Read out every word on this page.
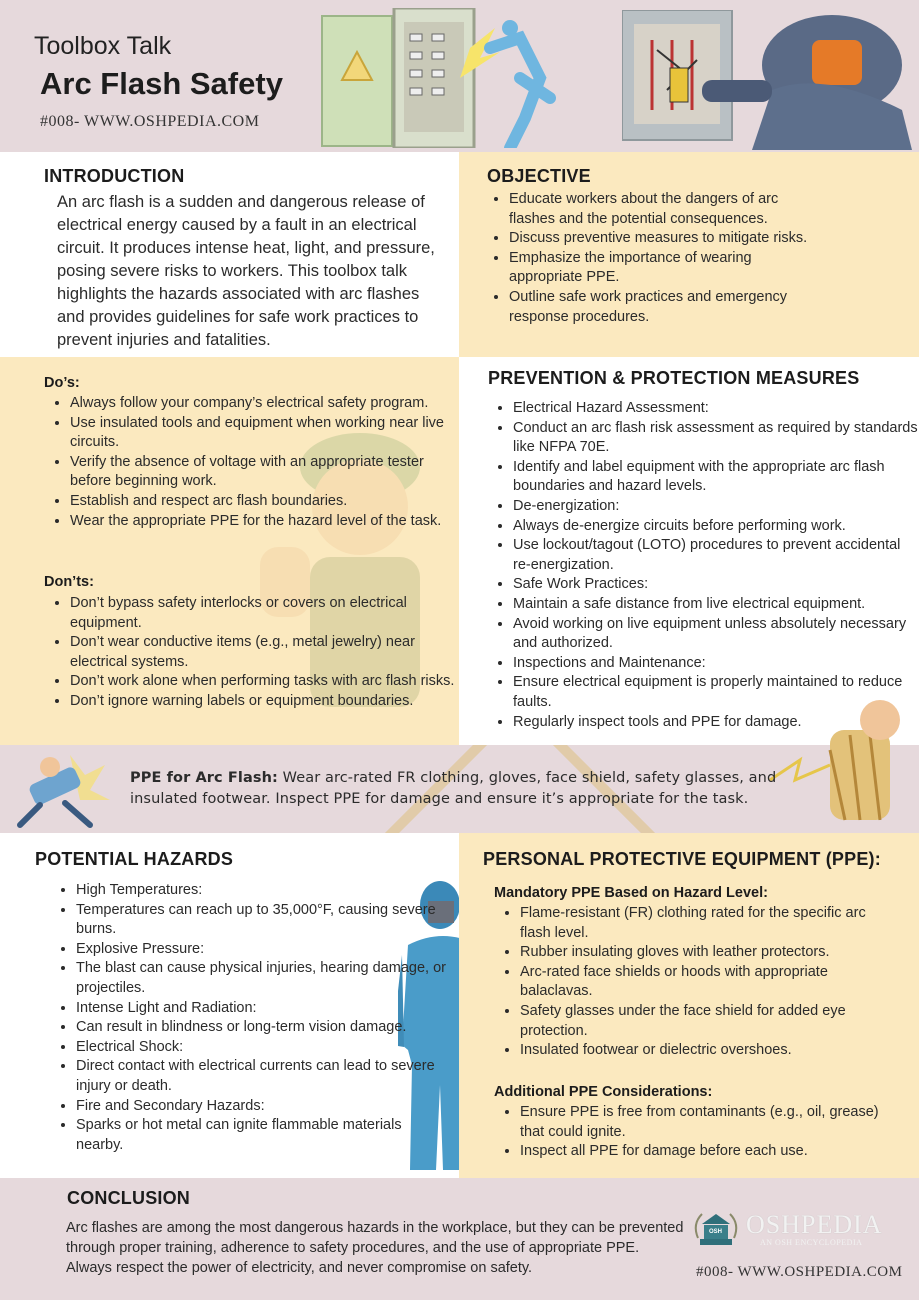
Toolbox Talk
Arc Flash Safety
#008- WWW.OSHPEDIA.COM
INTRODUCTION
An arc flash is a sudden and dangerous release of electrical energy caused by a fault in an electrical circuit. It produces intense heat, light, and pressure, posing severe risks to workers. This toolbox talk highlights the hazards associated with arc flashes and provides guidelines for safe work practices to prevent injuries and fatalities.
OBJECTIVE
• Educate workers about the dangers of arc flashes and the potential consequences.
• Discuss preventive measures to mitigate risks.
• Emphasize the importance of wearing appropriate PPE.
• Outline safe work practices and emergency response procedures.
Do’s:
• Always follow your company’s electrical safety program.
• Use insulated tools and equipment when working near live circuits.
• Verify the absence of voltage with an appropriate tester before beginning work.
• Establish and respect arc flash boundaries.
• Wear the appropriate PPE for the hazard level of the task.
Don’ts:
• Don’t bypass safety interlocks or covers on electrical equipment.
• Don’t wear conductive items (e.g., metal jewelry) near electrical systems.
• Don’t work alone when performing tasks with arc flash risks.
• Don’t ignore warning labels or equipment boundaries.
PREVENTION & PROTECTION MEASURES
• Electrical Hazard Assessment:
• Conduct an arc flash risk assessment as required by standards like NFPA 70E.
• Identify and label equipment with the appropriate arc flash boundaries and hazard levels.
• De-energization:
• Always de-energize circuits before performing work.
• Use lockout/tagout (LOTO) procedures to prevent accidental re-energization.
• Safe Work Practices:
• Maintain a safe distance from live electrical equipment.
• Avoid working on live equipment unless absolutely necessary and authorized.
• Inspections and Maintenance:
• Ensure electrical equipment is properly maintained to reduce faults.
• Regularly inspect tools and PPE for damage.
PPE for Arc Flash: Wear arc-rated FR clothing, gloves, face shield, safety glasses, and insulated footwear. Inspect PPE for damage and ensure it’s appropriate for the task.
POTENTIAL HAZARDS
• High Temperatures:
• Temperatures can reach up to 35,000°F, causing severe burns.
• Explosive Pressure:
• The blast can cause physical injuries, hearing damage, or projectiles.
• Intense Light and Radiation:
• Can result in blindness or long-term vision damage.
• Electrical Shock:
• Direct contact with electrical currents can lead to severe injury or death.
• Fire and Secondary Hazards:
• Sparks or hot metal can ignite flammable materials nearby.
PERSONAL PROTECTIVE EQUIPMENT (PPE):
Mandatory PPE Based on Hazard Level:
• Flame-resistant (FR) clothing rated for the specific arc flash level.
• Rubber insulating gloves with leather protectors.
• Arc-rated face shields or hoods with appropriate balaclavas.
• Safety glasses under the face shield for added eye protection.
• Insulated footwear or dielectric overshoes.
Additional PPE Considerations:
• Ensure PPE is free from contaminants (e.g., oil, grease) that could ignite.
• Inspect all PPE for damage before each use.
CONCLUSION
Arc flashes are among the most dangerous hazards in the workplace, but they can be prevented through proper training, adherence to safety procedures, and the use of appropriate PPE. Always respect the power of electricity, and never compromise on safety.
OSH OSHPEDIA
AN OSH ENCYCLOPEDIA
#008- WWW.OSHPEDIA.COM
